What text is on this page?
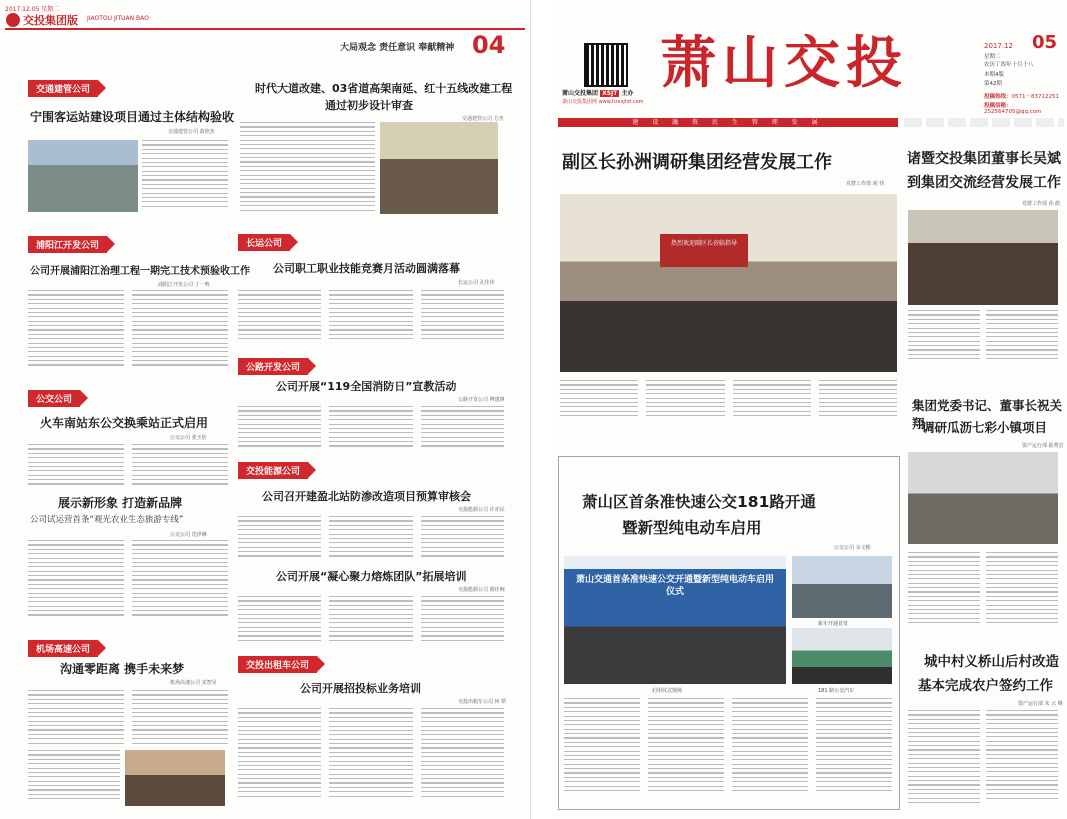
2017.12.05 星期二
交投集团版 JIAOTOU JITUAN BAO
大局观念 责任意识 奉献精神 04
交通建管公司
宁围客运站建设项目通过主体结构验收
交通建管公司 葛艳杰
时代大道改建、03省道高架南延、红十五线改建工程
通过初步设计审查
交通建管公司 方杰
浦阳江开发公司
公司开展浦阳江治理工程一期完工技术预验收工作
浦阳江开发公司 丁一鸣
长运公司
公司职工职业技能竞赛月活动圆满落幕
长运公司 孔佳伟
公交公司
火车南站东公交换乘站正式启用
公交公司 张玉怡
公路开发公司
公司开展“119全国消防日”宣教活动
公路开发公司 傅建锋
展示新形象 打造新品牌
公司试运营首条“观光农业生态旅游专线”
公交公司 沈伊琳
交投能源公司
公司召开建盈北站防渗改造项目预算审核会
交投能源公司 许亦民
公司开展“凝心聚力熔炼团队”拓展培训
交投能源公司 蔡佳婉
机场高速公司
沟通零距离 携手未来梦
机场高速公司 宋智昊
交投出租车公司
公司开展招投标业务培训
交投出租车公司 何 妍
萧山交投集团 XSJT 主办
萧山交投集团网 www.hzxsjtzt.com
萧山交投	2017.12 05
星期二
农历丁酉年十月十八
本期4版
第42期
投稿热线：0571－83712251
投稿信箱：252564705@qq.com
建 设 融 资 民 生 管 理 发 展
副区长孙洲调研集团经营发展工作
党群工作部 胡 伟
热烈欢迎副区长莅临指导
诸暨交投集团董事长吴斌
到集团交流经营发展工作
党群工作部 孙 皓
集团党委书记、董事长祝关翔
调研瓜沥七彩小镇项目
资产运行部 陆秀洁
萧山区首条准快速公交181路开通
暨新型纯电动车启用
公交公司 余文彬
萧山交通首条准快速公交开通暨新型纯电动车启用仪式
启用仪式现场
新车开通首发
181 路公交汽车
城中村义桥山后村改造
基本完成农户签约工作
资产运行部 朱 云 峰
